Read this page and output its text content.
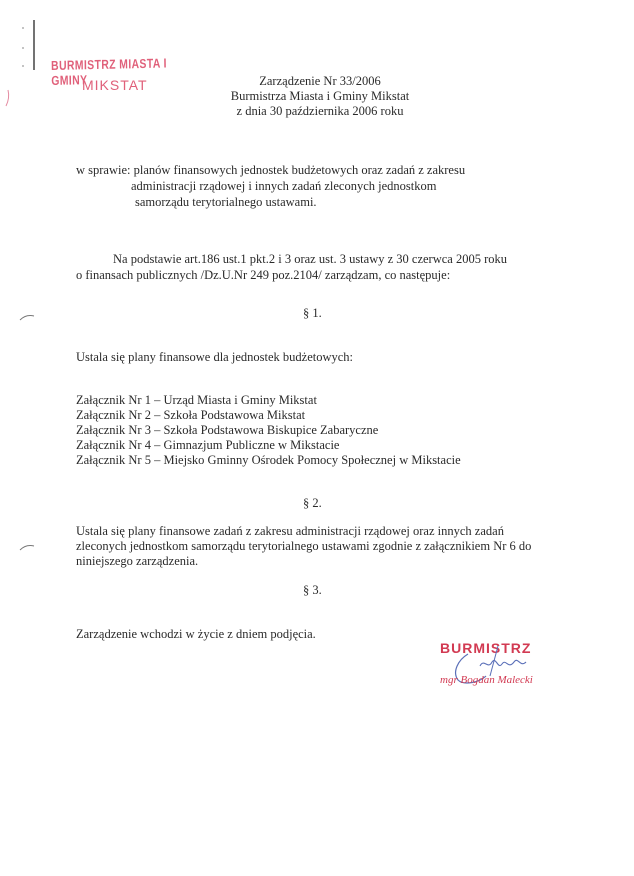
BURMISTRZ MIASTA I GMINY
MIKSTAT	Zarządzenie Nr 33/2006
Burmistrza Miasta i Gminy Mikstat
z dnia 30 października 2006 roku
w sprawie: planów finansowych jednostek budżetowych oraz zadań z zakresu
administracji rządowej i innych zadań zleconych jednostkom
samorządu terytorialnego ustawami.
Na podstawie art.186 ust.1 pkt.2 i 3 oraz ust. 3 ustawy z 30 czerwca 2005 roku
o finansach publicznych /Dz.U.Nr 249 poz.2104/ zarządzam, co następuje:
§ 1.
Ustala się plany finansowe dla jednostek budżetowych:
Załącznik Nr 1 – Urząd Miasta i Gminy Mikstat
Załącznik Nr 2 – Szkoła Podstawowa Mikstat
Załącznik Nr 3 – Szkoła Podstawowa Biskupice Zabaryczne
Załącznik Nr 4 – Gimnazjum Publiczne w Mikstacie
Załącznik Nr 5 – Miejsko Gminny Ośrodek Pomocy Społecznej w Mikstacie
§ 2.
Ustala się plany finansowe zadań z zakresu administracji rządowej oraz innych zadań
zleconych jednostkom samorządu terytorialnego ustawami zgodnie z załącznikiem Nr 6 do
niniejszego zarządzenia.
§ 3.
Zarządzenie wchodzi w życie z dniem podjęcia.
BURMISTRZ
mgr Bogdan Malecki
